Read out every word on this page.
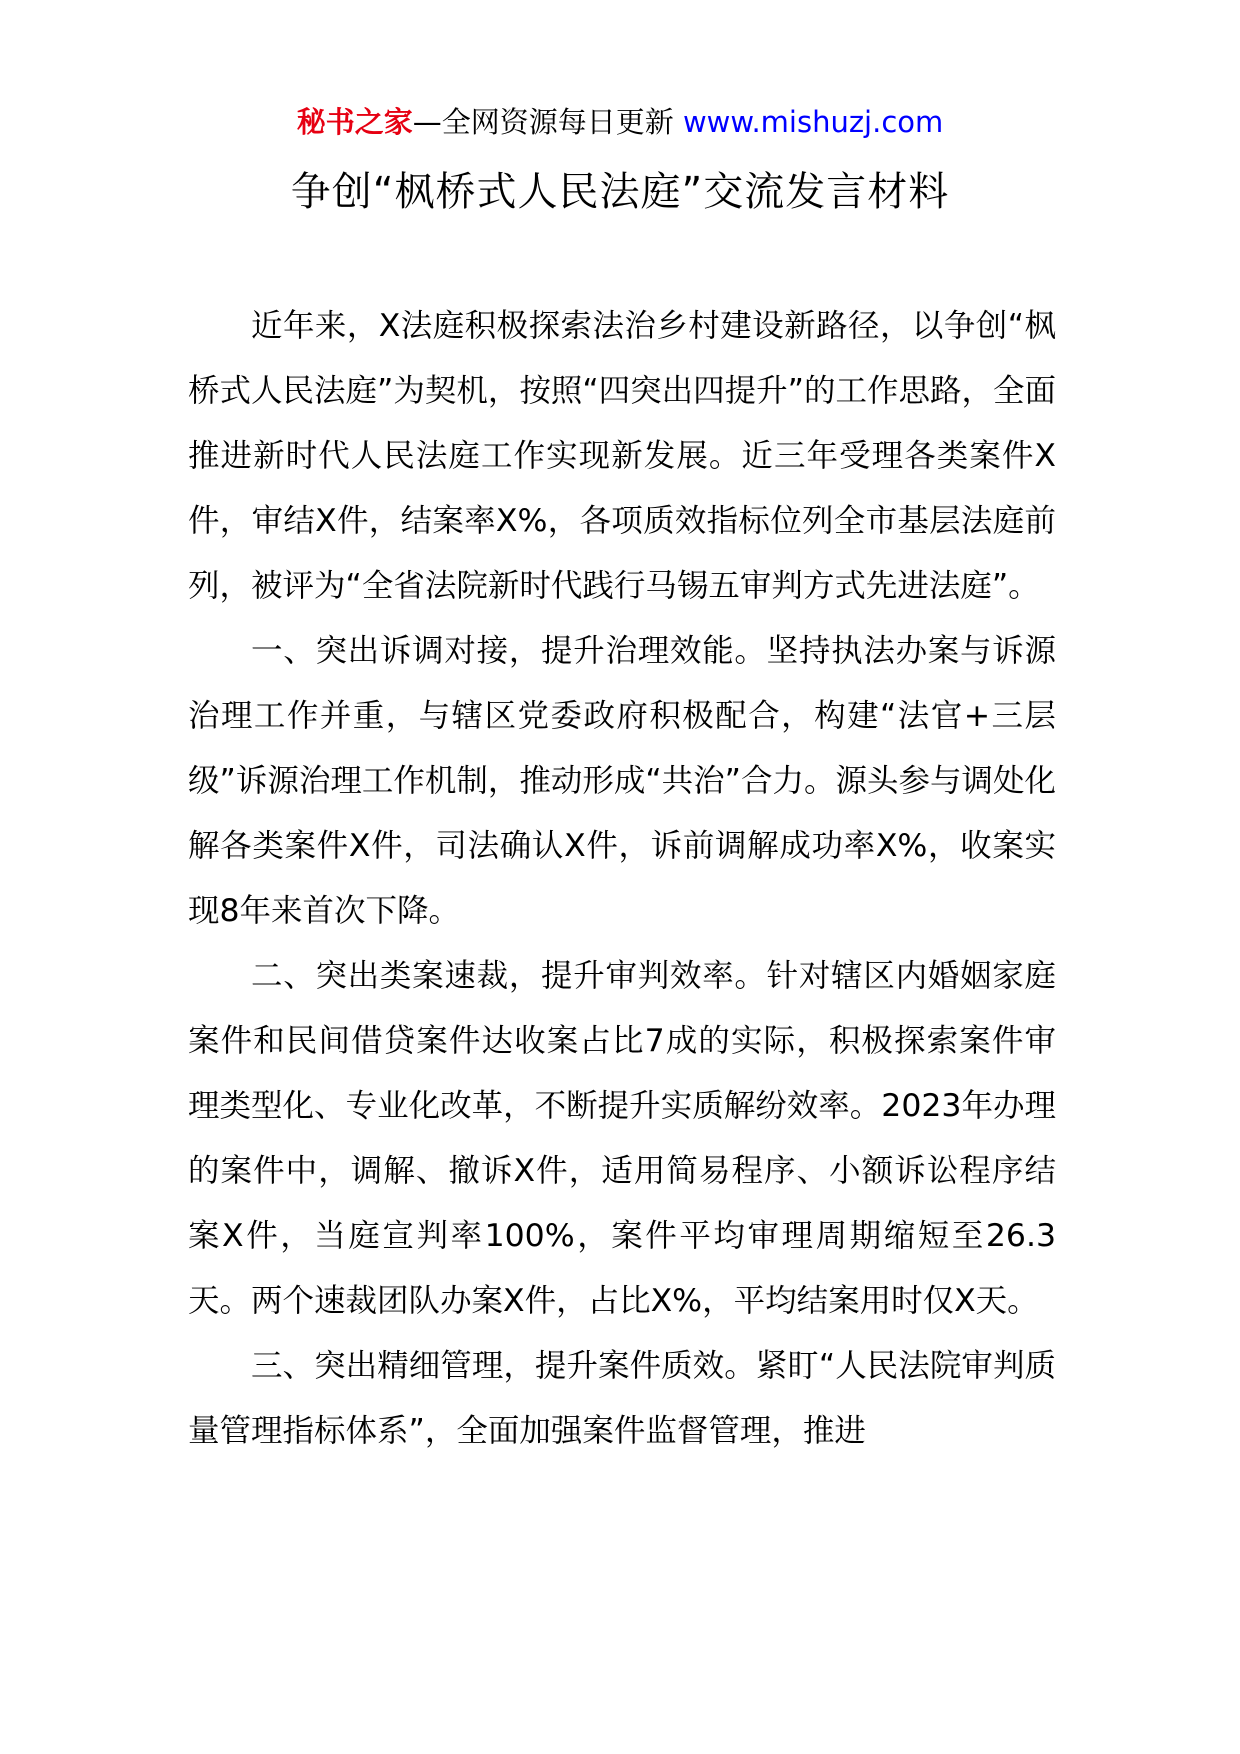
秘书之家—全网资源每日更新 www.mishuzj.com
争创“枫桥式人民法庭”交流发言材料

近年来，X法庭积极探索法治乡村建设新路径，以争创“枫桥式人民法庭”为契机，按照“四突出四提升”的工作思路，全面推进新时代人民法庭工作实现新发展。近三年受理各类案件X件，审结X件，结案率X%，各项质效指标位列全市基层法庭前列，被评为“全省法院新时代践行马锡五审判方式先进法庭”。

一、突出诉调对接，提升治理效能。坚持执法办案与诉源治理工作并重，与辖区党委政府积极配合，构建“法官+三层级”诉源治理工作机制，推动形成“共治”合力。源头参与调处化解各类案件X件，司法确认X件，诉前调解成功率X%，收案实现8年来首次下降。

二、突出类案速裁，提升审判效率。针对辖区内婚姻家庭案件和民间借贷案件达收案占比7成的实际，积极探索案件审理类型化、专业化改革，不断提升实质解纷效率。2023年办理的案件中，调解、撤诉X件，适用简易程序、小额诉讼程序结案X件，当庭宣判率100%，案件平均审理周期缩短至26.3天。两个速裁团队办案X件，占比X%，平均结案用时仅X天。

三、突出精细管理，提升案件质效。紧盯“人民法院审判质量管理指标体系”，全面加强案件监督管理，推进
